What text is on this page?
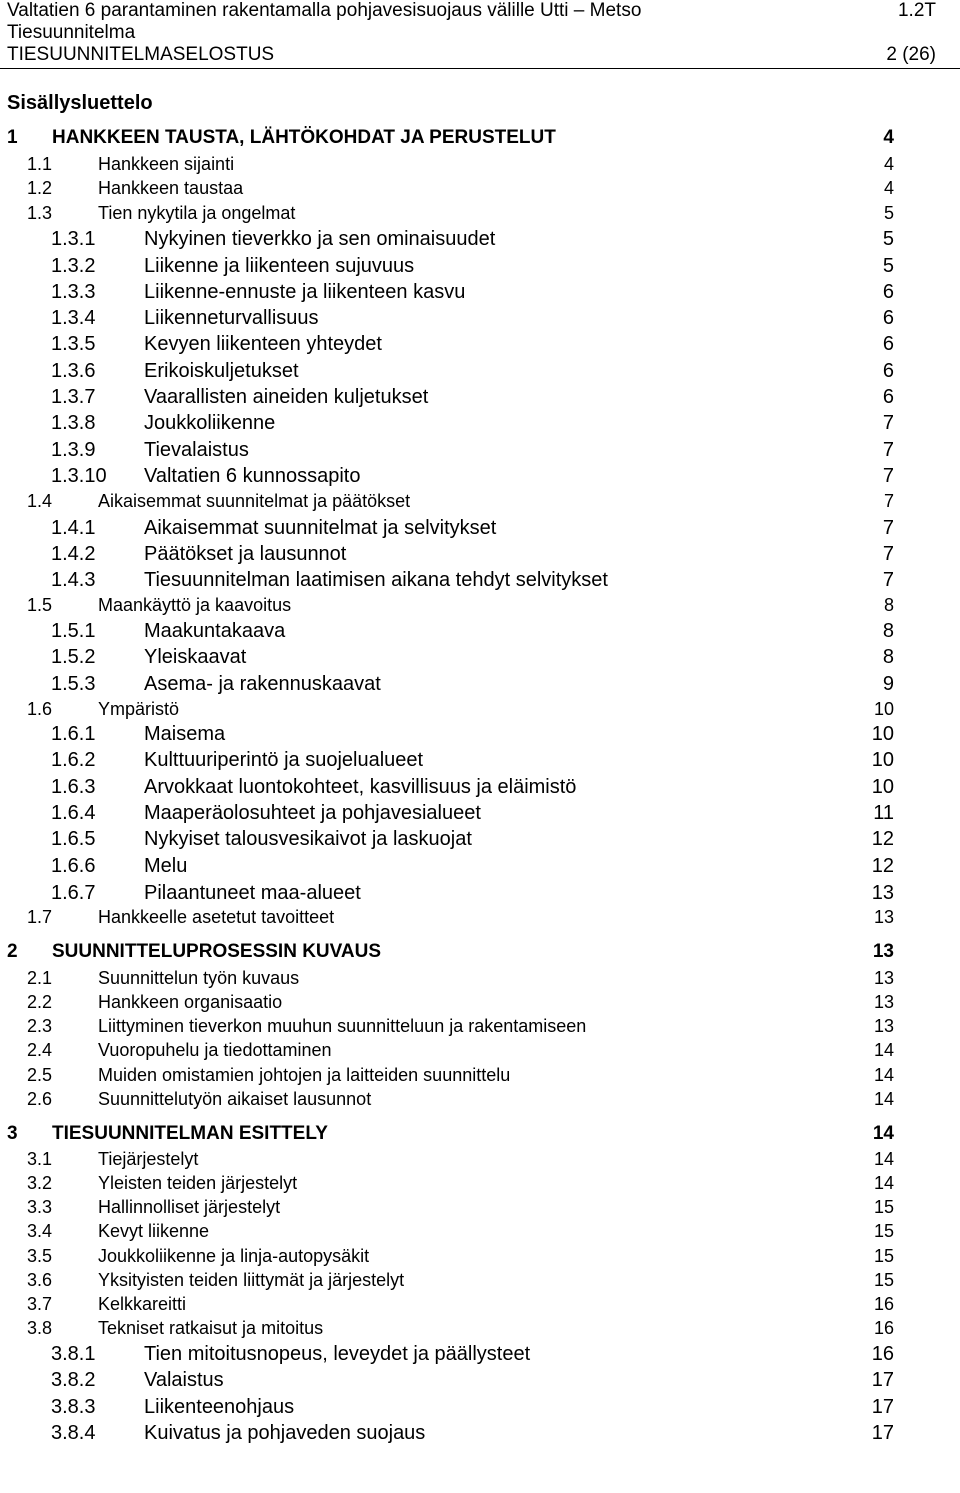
Valtatien 6 parantaminen rakentamalla pohjavesisuojaus välille Utti – Metso	1.2T
Tiesuunnitelma
TIESUUNNITELMASELOSTUS	2 (26)
Sisällysluettelo
1 HANKKEEN TAUSTA, LÄHTÖKOHDAT JA PERUSTELUT	4
1.1	Hankkeen sijainti	4
1.2	Hankkeen taustaa	4
1.3	Tien nykytila ja ongelmat	5
1.3.1 Nykyinen tieverkko ja sen ominaisuudet	5
1.3.2 Liikenne ja liikenteen sujuvuus	5
1.3.3 Liikenne-ennuste ja liikenteen kasvu	6
1.3.4 Liikenneturvallisuus	6
1.3.5 Kevyen liikenteen yhteydet	6
1.3.6 Erikoiskuljetukset	6
1.3.7 Vaarallisten aineiden kuljetukset	6
1.3.8 Joukkoliikenne	7
1.3.9 Tievalaistus	7
1.3.10 Valtatien 6 kunnossapito	7
1.4	Aikaisemmat suunnitelmat ja päätökset	7
1.4.1 Aikaisemmat suunnitelmat ja selvitykset	7
1.4.2 Päätökset ja lausunnot	7
1.4.3 Tiesuunnitelman laatimisen aikana tehdyt selvitykset	7
1.5	Maankäyttö ja kaavoitus	8
1.5.1 Maakuntakaava	8
1.5.2 Yleiskaavat	8
1.5.3 Asema- ja rakennuskaavat	9
1.6	Ympäristö	10
1.6.1 Maisema	10
1.6.2 Kulttuuriperintö ja suojelualueet	10
1.6.3 Arvokkaat luontokohteet, kasvillisuus ja eläimistö	10
1.6.4 Maaperäolosuhteet ja pohjavesialueet	11
1.6.5 Nykyiset talousvesikaivot ja laskuojat	12
1.6.6 Melu	12
1.6.7 Pilaantuneet maa-alueet	13
1.7	Hankkeelle asetetut tavoitteet	13
2 SUUNNITTELUPROSESSIN KUVAUS	13
2.1	Suunnittelun työn kuvaus	13
2.2	Hankkeen organisaatio	13
2.3	Liittyminen tieverkon muuhun suunnitteluun ja rakentamiseen	13
2.4	Vuoropuhelu ja tiedottaminen	14
2.5	Muiden omistamien johtojen ja laitteiden suunnittelu	14
2.6	Suunnittelutyön aikaiset lausunnot	14
3 TIESUUNNITELMAN ESITTELY	14
3.1	Tiejärjestelyt	14
3.2	Yleisten teiden järjestelyt	14
3.3	Hallinnolliset järjestelyt	15
3.4	Kevyt liikenne	15
3.5	Joukkoliikenne ja linja-autopysäkit	15
3.6	Yksityisten teiden liittymät ja järjestelyt	15
3.7	Kelkkareitti	16
3.8	Tekniset ratkaisut ja mitoitus	16
3.8.1 Tien mitoitusnopeus, leveydet ja päällysteet	16
3.8.2 Valaistus	17
3.8.3 Liikenteenohjaus	17
3.8.4 Kuivatus ja pohjaveden suojaus	17
